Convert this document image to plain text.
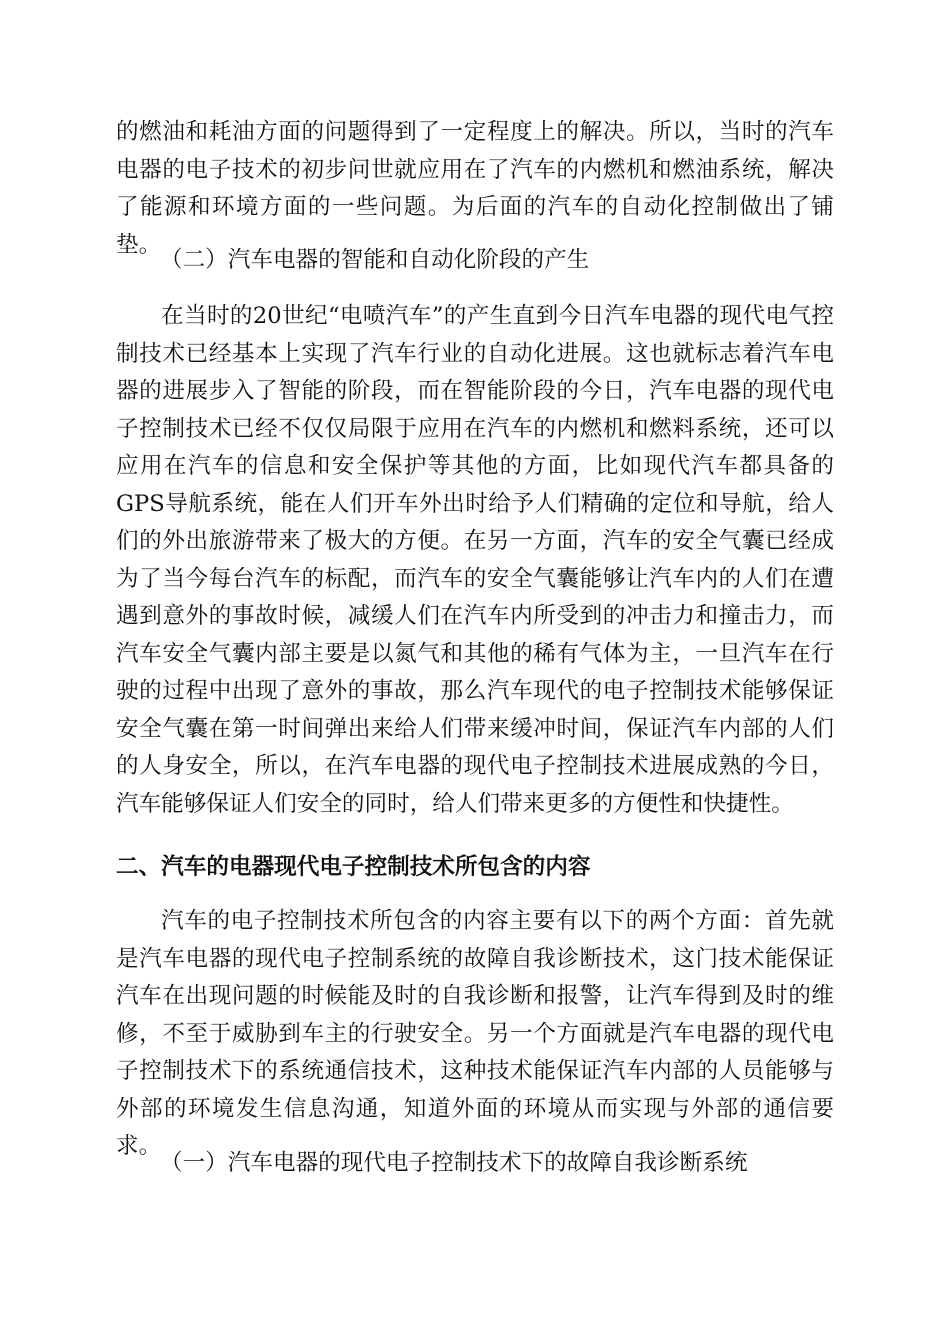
的燃油和耗油方面的问题得到了一定程度上的解决。所以，当时的汽车电器的电子技术的初步问世就应用在了汽车的内燃机和燃油系统，解决了能源和环境方面的一些问题。为后面的汽车的自动化控制做出了铺垫。

（二）汽车电器的智能和自动化阶段的产生

在当时的20世纪“电喷汽车”的产生直到今日汽车电器的现代电气控制技术已经基本上实现了汽车行业的自动化进展。这也就标志着汽车电器的进展步入了智能的阶段，而在智能阶段的今日，汽车电器的现代电子控制技术已经不仅仅局限于应用在汽车的内燃机和燃料系统，还可以应用在汽车的信息和安全保护等其他的方面，比如现代汽车都具备的GPS导航系统，能在人们开车外出时给予人们精确的定位和导航，给人们的外出旅游带来了极大的方便。在另一方面，汽车的安全气囊已经成为了当今每台汽车的标配，而汽车的安全气囊能够让汽车内的人们在遭遇到意外的事故时候，减缓人们在汽车内所受到的冲击力和撞击力，而汽车安全气囊内部主要是以氮气和其他的稀有气体为主，一旦汽车在行驶的过程中出现了意外的事故，那么汽车现代的电子控制技术能够保证安全气囊在第一时间弹出来给人们带来缓冲时间，保证汽车内部的人们的人身安全，所以，在汽车电器的现代电子控制技术进展成熟的今日，汽车能够保证人们安全的同时，给人们带来更多的方便性和快捷性。

二、汽车的电器现代电子控制技术所包含的内容

汽车的电子控制技术所包含的内容主要有以下的两个方面：首先就是汽车电器的现代电子控制系统的故障自我诊断技术，这门技术能保证汽车在出现问题的时候能及时的自我诊断和报警，让汽车得到及时的维修，不至于威胁到车主的行驶安全。另一个方面就是汽车电器的现代电子控制技术下的系统通信技术，这种技术能保证汽车内部的人员能够与外部的环境发生信息沟通，知道外面的环境从而实现与外部的通信要求。

（一）汽车电器的现代电子控制技术下的故障自我诊断系统
